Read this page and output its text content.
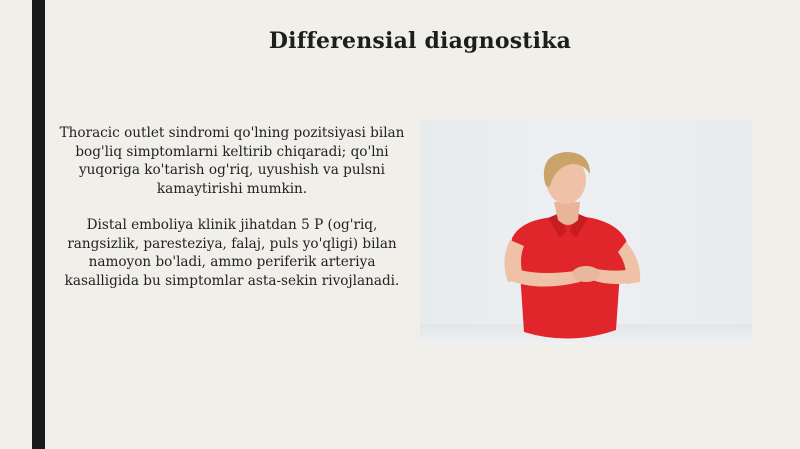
Differensial diagnostika

Thoracic outlet sindromi qo'lning pozitsiyasi bilan bog'liq simptomlarni keltirib chiqaradi; qo'lni yuqoriga ko'tarish og'riq, uyushish va pulsni kamaytirishi mumkin.

Distal emboliya klinik jihatdan 5 P (og'riq, rangsizlik, paresteziya, falaj, puls yo'qligi) bilan namoyon bo'ladi, ammo periferik arteriya kasalligida bu simptomlar asta-sekin rivojlanadi.
